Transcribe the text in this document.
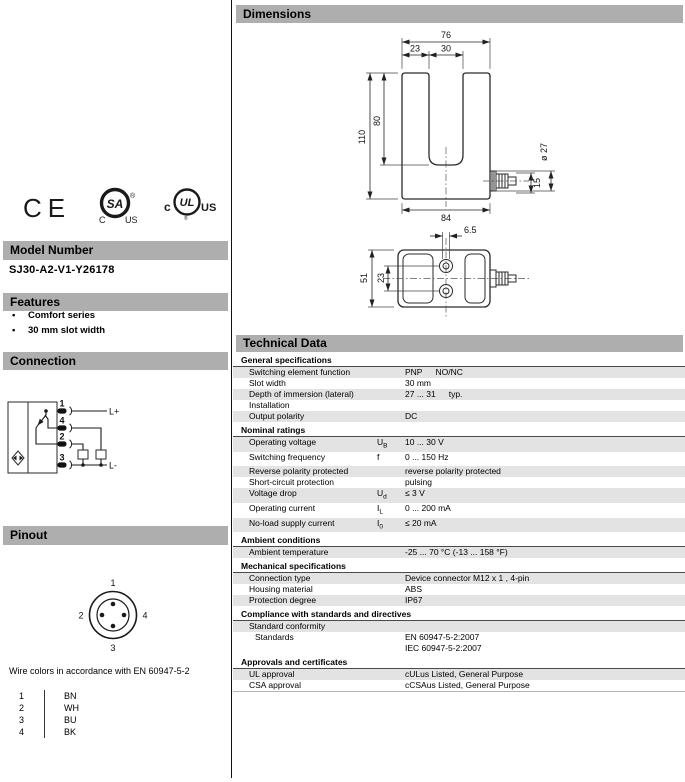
CE	SA
®
C US
c UL US
®
Model Number
SJ30-A2-V1-Y26178
Features
•	Comfort series
•	30 mm slot width
Connection
1
4
2
3
L+
L-
Pinout
1
2	4
3
Wire colors in accordance with EN 60947-5-2
1	BN
2	WH
3	BU
4	BK
Dimensions
76
23 30
80
110
84
ø 27
15
6.5
51 23
Technical Data
General specifications
Switching element function	PNP NO/NC
Slot width	30 mm
Depth of immersion (lateral)	27 ... 31 typ.
Installation
Output polarity	DC
Nominal ratings
Operating voltage	$U_B$	10 ... 30 V
Switching frequency	f	0 ... 150 Hz
Reverse polarity protected	reverse polarity protected
Short-circuit protection	pulsing
Voltage drop	$U_d$	≤ 3 V
Operating current	$I_L$	0 ... 200 mA
No-load supply current	$I_0$	≤ 20 mA
Ambient conditions
Ambient temperature	-25 ... 70 °C (-13 ... 158 °F)
Mechanical specifications
Connection type	Device connector M12 x 1 , 4-pin
Housing material	ABS
Protection degree	IP67
Compliance with standards and directives
Standard conformity
Standards	EN 60947-5-2:2007
IEC 60947-5-2:2007
Approvals and certificates
UL approval	cULus Listed, General Purpose
CSA approval	cCSAus Listed, General Purpose
